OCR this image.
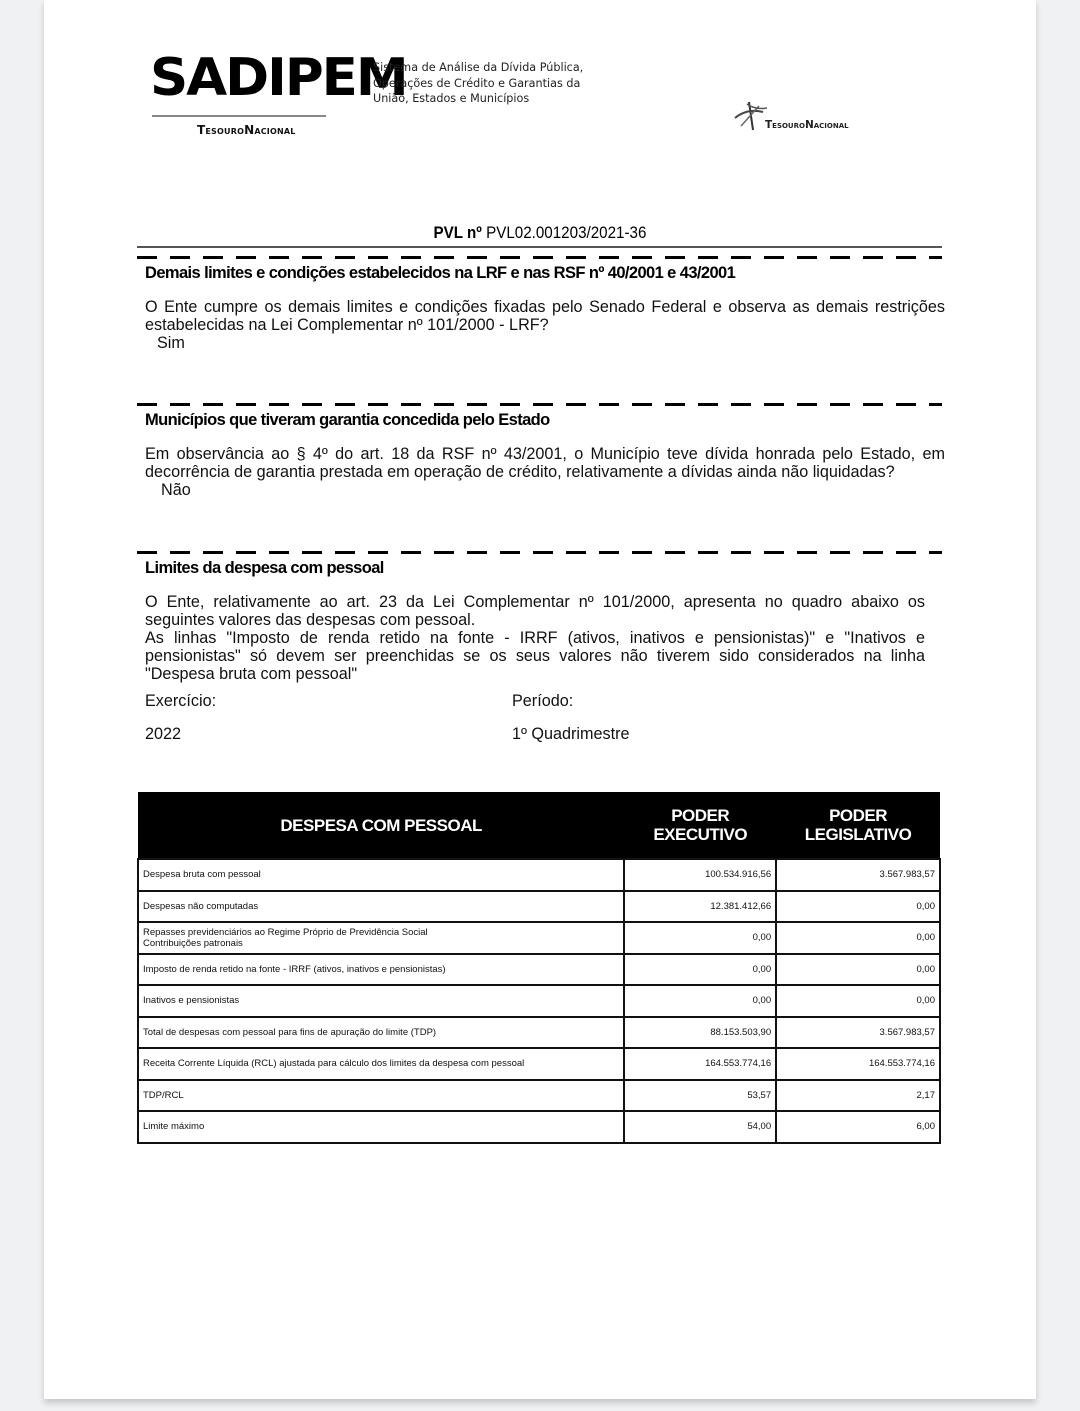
SADIPEM
Sistema de Análise da Dívida Pública,
Operações de Crédito e Garantias da
União, Estados e Municípios
TesouroNacional	TesouroNacional
PVL nº PVL02.001203/2021-36
Demais limites e condições estabelecidos na LRF e nas RSF nº 40/2001 e 43/2001

O Ente cumpre os demais limites e condições fixadas pelo Senado Federal e observa as demais restrições estabelecidas na Lei Complementar nº 101/2000 - LRF?

Sim

Municípios que tiveram garantia concedida pelo Estado

Em observância ao § 4º do art. 18 da RSF nº 43/2001, o Município teve dívida honrada pelo Estado, em decorrência de garantia prestada em operação de crédito, relativamente a dívidas ainda não liquidadas?

Não

Limites da despesa com pessoal

O Ente, relativamente ao art. 23 da Lei Complementar nº 101/2000, apresenta no quadro abaixo os seguintes valores das despesas com pessoal.

As linhas "Imposto de renda retido na fonte - IRRF (ativos, inativos e pensionistas)" e "Inativos e pensionistas" só devem ser preenchidas se os seus valores não tiverem sido considerados na linha "Despesa bruta com pessoal"

Exercício:	Período:
2022	1º Quadrimestre
DESPESA COM PESSOAL	PODER EXECUTIVO	PODER LEGISLATIVO
Despesa bruta com pessoal	100.534.916,56	3.567.983,57
Despesas não computadas	12.381.412,66	0,00

Repasses previdenciários ao Regime Próprio de Previdência Social
Contribuições patronais	0,00	0,00
Imposto de renda retido na fonte - IRRF (ativos, inativos e pensionistas)	0,00	0,00
Inativos e pensionistas	0,00	0,00
Total de despesas com pessoal para fins de apuração do limite (TDP)	88.153.503,90	3.567.983,57
Receita Corrente Líquida (RCL) ajustada para cálculo dos limites da despesa com pessoal	164.553.774,16	164.553.774,16
TDP/RCL	53,57	2,17
Limite máximo	54,00	6,00
